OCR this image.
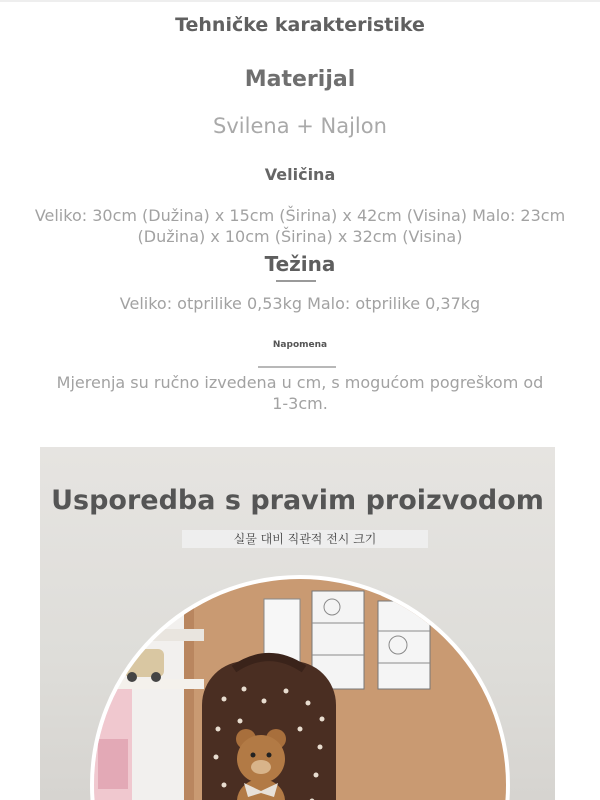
Tehničke karakteristike
Materijal

Svilena + Najlon

Veličina

Veliko: 30cm (Dužina) x 15cm (Širina) x 42cm (Visina) Malo: 23cm (Dužina) x 10cm (Širina) x 32cm (Visina)

Težina

Veliko: otprilike 0,53kg Malo: otprilike 0,37kg

Napomena

Mjerenja su ručno izvedena u cm, s mogućom pogreškom od 1-3cm.

Usporedba s pravim proizvodom
실물 대비 직관적 전시 크기
